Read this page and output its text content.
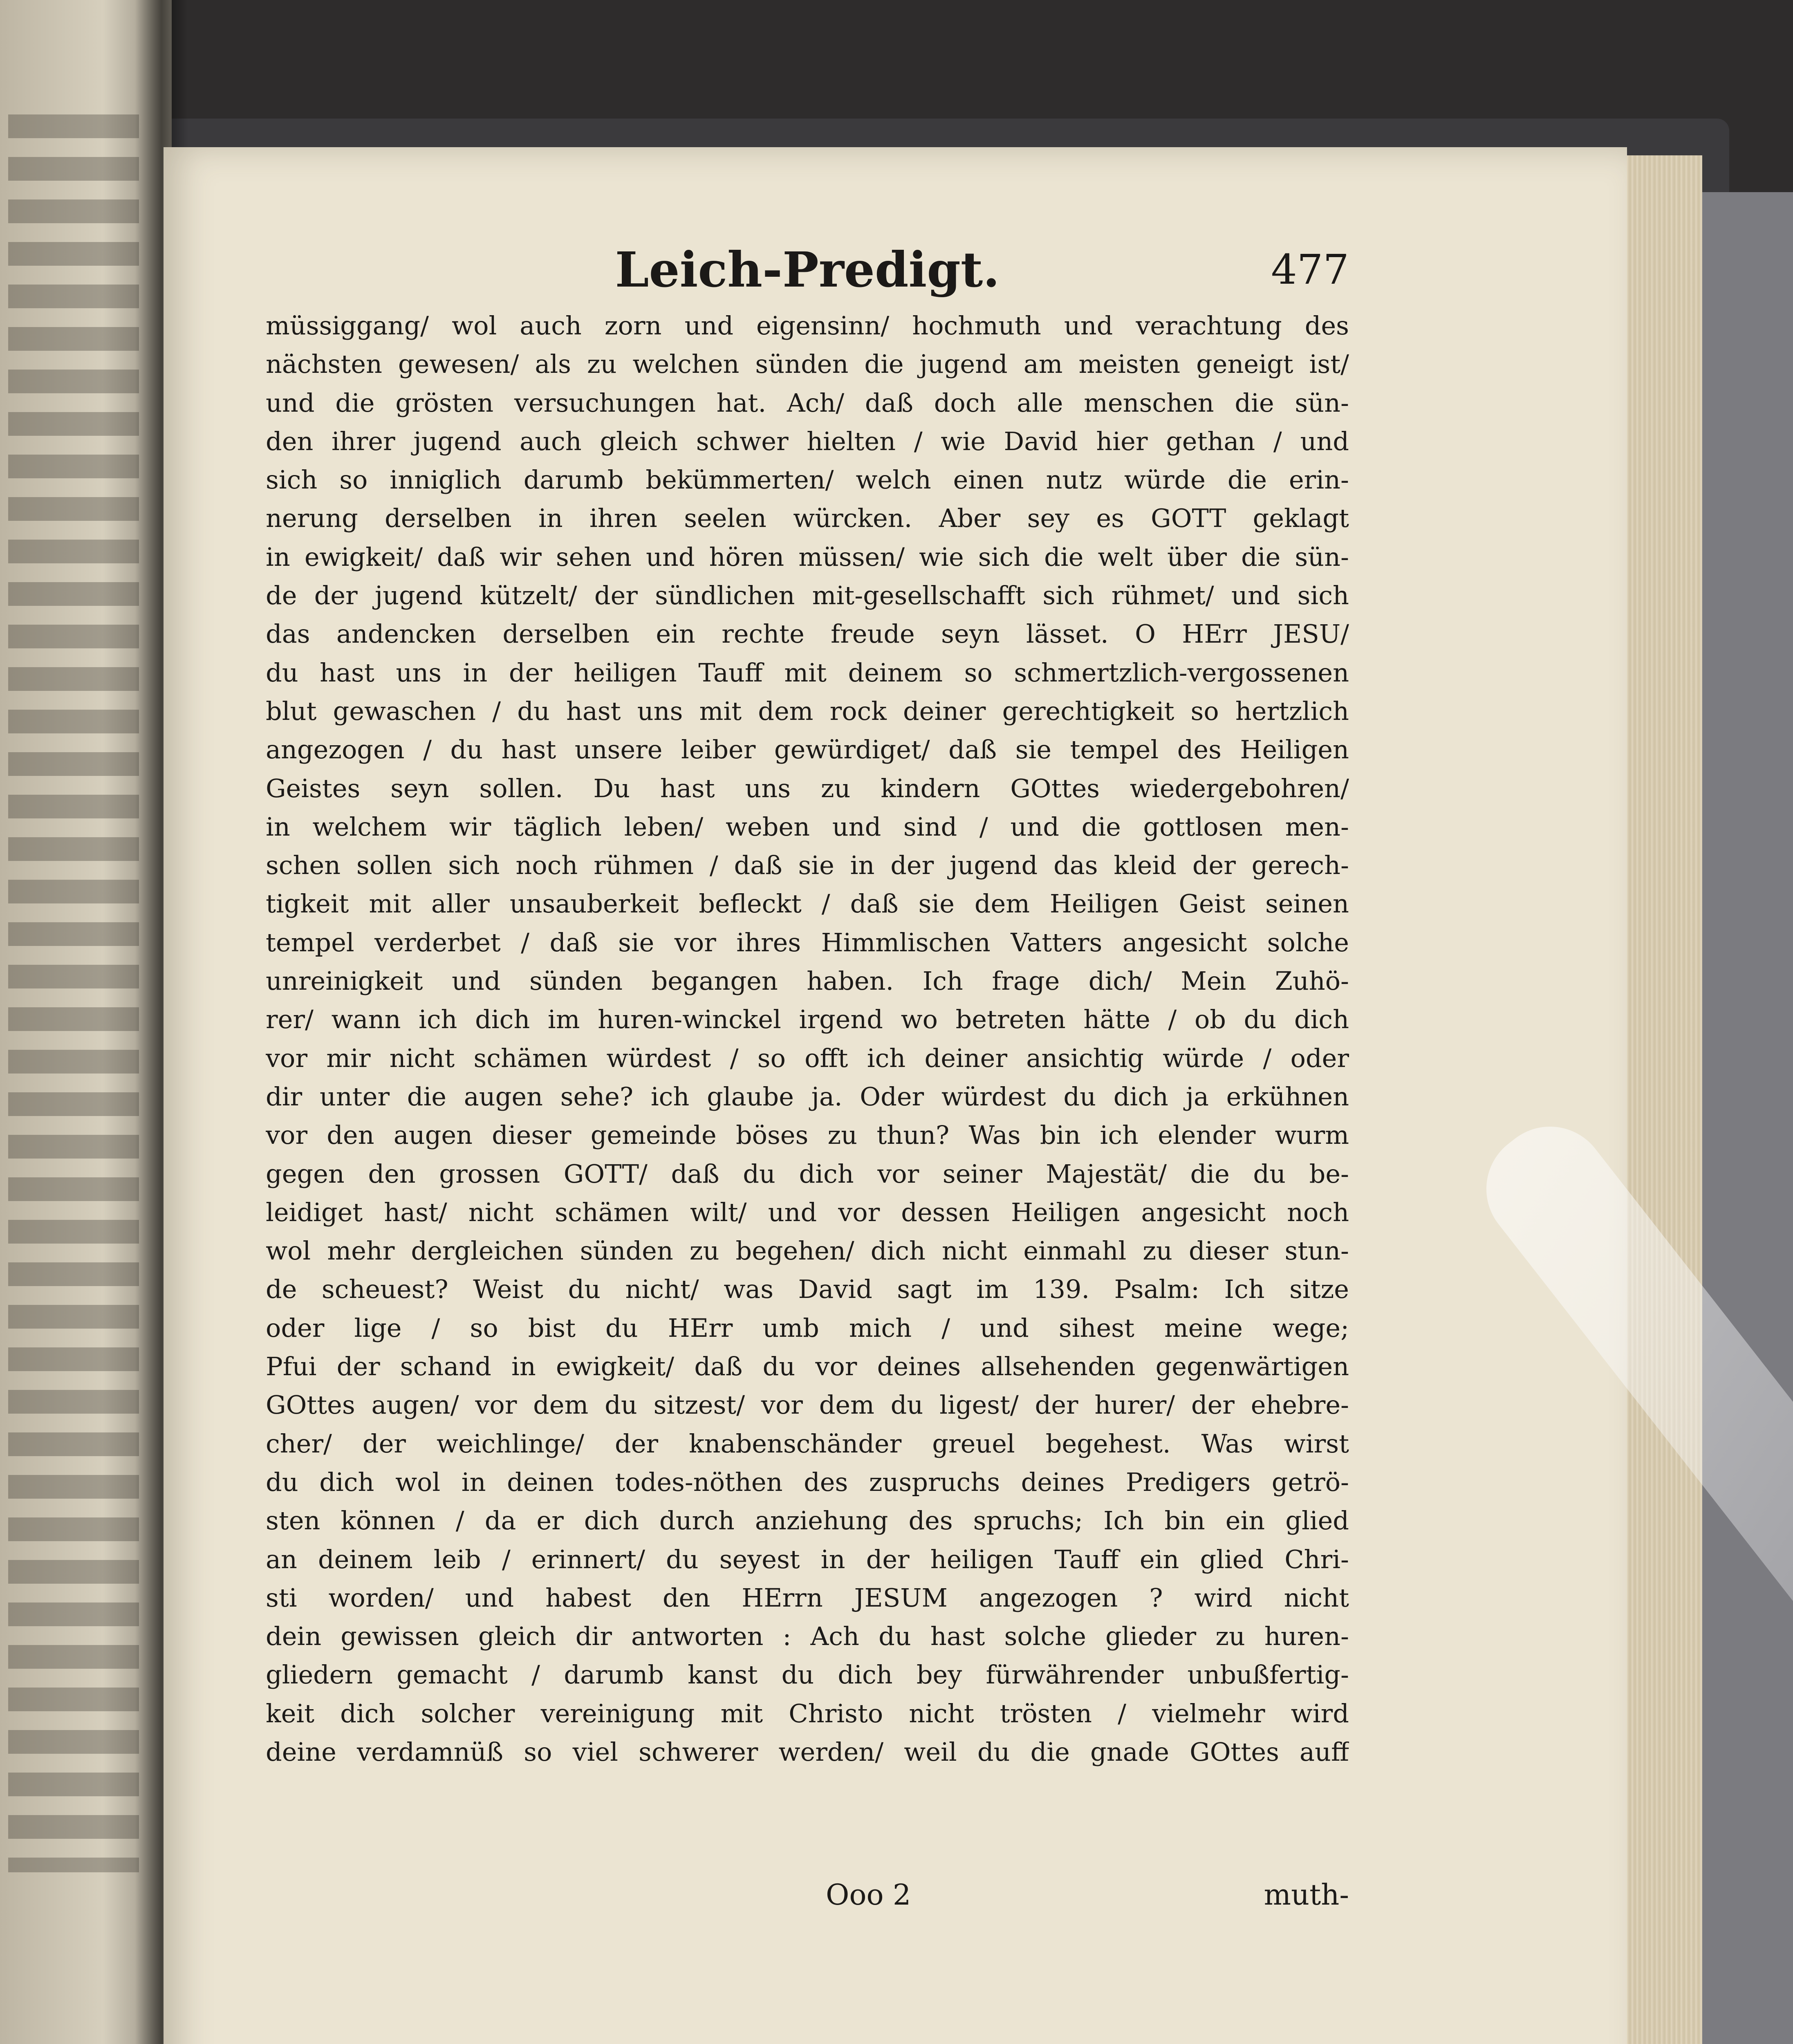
Leich-Predigt.	477
müssiggang/ wol auch zorn und eigensinn/ hochmuth und verachtung des
nächsten gewesen/ als zu welchen sünden die jugend am meisten geneigt ist/
und die grösten versuchungen hat. Ach/ daß doch alle menschen die sün-
den ihrer jugend auch gleich schwer hielten / wie David hier gethan / und
sich so inniglich darumb bekümmerten/ welch einen nutz würde die erin-
nerung derselben in ihren seelen würcken. Aber sey es GOTT geklagt
in ewigkeit/ daß wir sehen und hören müssen/ wie sich die welt über die sün-
de der jugend kützelt/ der sündlichen mit-gesellschafft sich rühmet/ und sich
das andencken derselben ein rechte freude seyn lässet. O HErr JESU/
du hast uns in der heiligen Tauff mit deinem so schmertzlich-vergossenen
blut gewaschen / du hast uns mit dem rock deiner gerechtigkeit so hertzlich
angezogen / du hast unsere leiber gewürdiget/ daß sie tempel des Heiligen
Geistes seyn sollen. Du hast uns zu kindern GOttes wiedergebohren/
in welchem wir täglich leben/ weben und sind / und die gottlosen men-
schen sollen sich noch rühmen / daß sie in der jugend das kleid der gerech-
tigkeit mit aller unsauberkeit befleckt / daß sie dem Heiligen Geist seinen
tempel verderbet / daß sie vor ihres Himmlischen Vatters angesicht solche
unreinigkeit und sünden begangen haben. Ich frage dich/ Mein Zuhö-
rer/ wann ich dich im huren-winckel irgend wo betreten hätte / ob du dich
vor mir nicht schämen würdest / so offt ich deiner ansichtig würde / oder
dir unter die augen sehe? ich glaube ja. Oder würdest du dich ja erkühnen
vor den augen dieser gemeinde böses zu thun? Was bin ich elender wurm
gegen den grossen GOTT/ daß du dich vor seiner Majestät/ die du be-
leidiget hast/ nicht schämen wilt/ und vor dessen Heiligen angesicht noch
wol mehr dergleichen sünden zu begehen/ dich nicht einmahl zu dieser stun-
de scheuest? Weist du nicht/ was David sagt im 139. Psalm: Ich sitze
oder lige / so bist du HErr umb mich / und sihest meine wege;
Pfui der schand in ewigkeit/ daß du vor deines allsehenden gegenwärtigen
GOttes augen/ vor dem du sitzest/ vor dem du ligest/ der hurer/ der ehebre-
cher/ der weichlinge/ der knabenschänder greuel begehest. Was wirst
du dich wol in deinen todes-nöthen des zuspruchs deines Predigers getrö-
sten können / da er dich durch anziehung des spruchs; Ich bin ein glied
an deinem leib / erinnert/ du seyest in der heiligen Tauff ein glied Chri-
sti worden/ und habest den HErrn JESUM angezogen ? wird nicht
dein gewissen gleich dir antworten : Ach du hast solche glieder zu huren-
gliedern gemacht / darumb kanst du dich bey fürwährender unbußfertig-
keit dich solcher vereinigung mit Christo nicht trösten / vielmehr wird
deine verdamnüß so viel schwerer werden/ weil du die gnade GOttes auff
Ooo 2	muth-
